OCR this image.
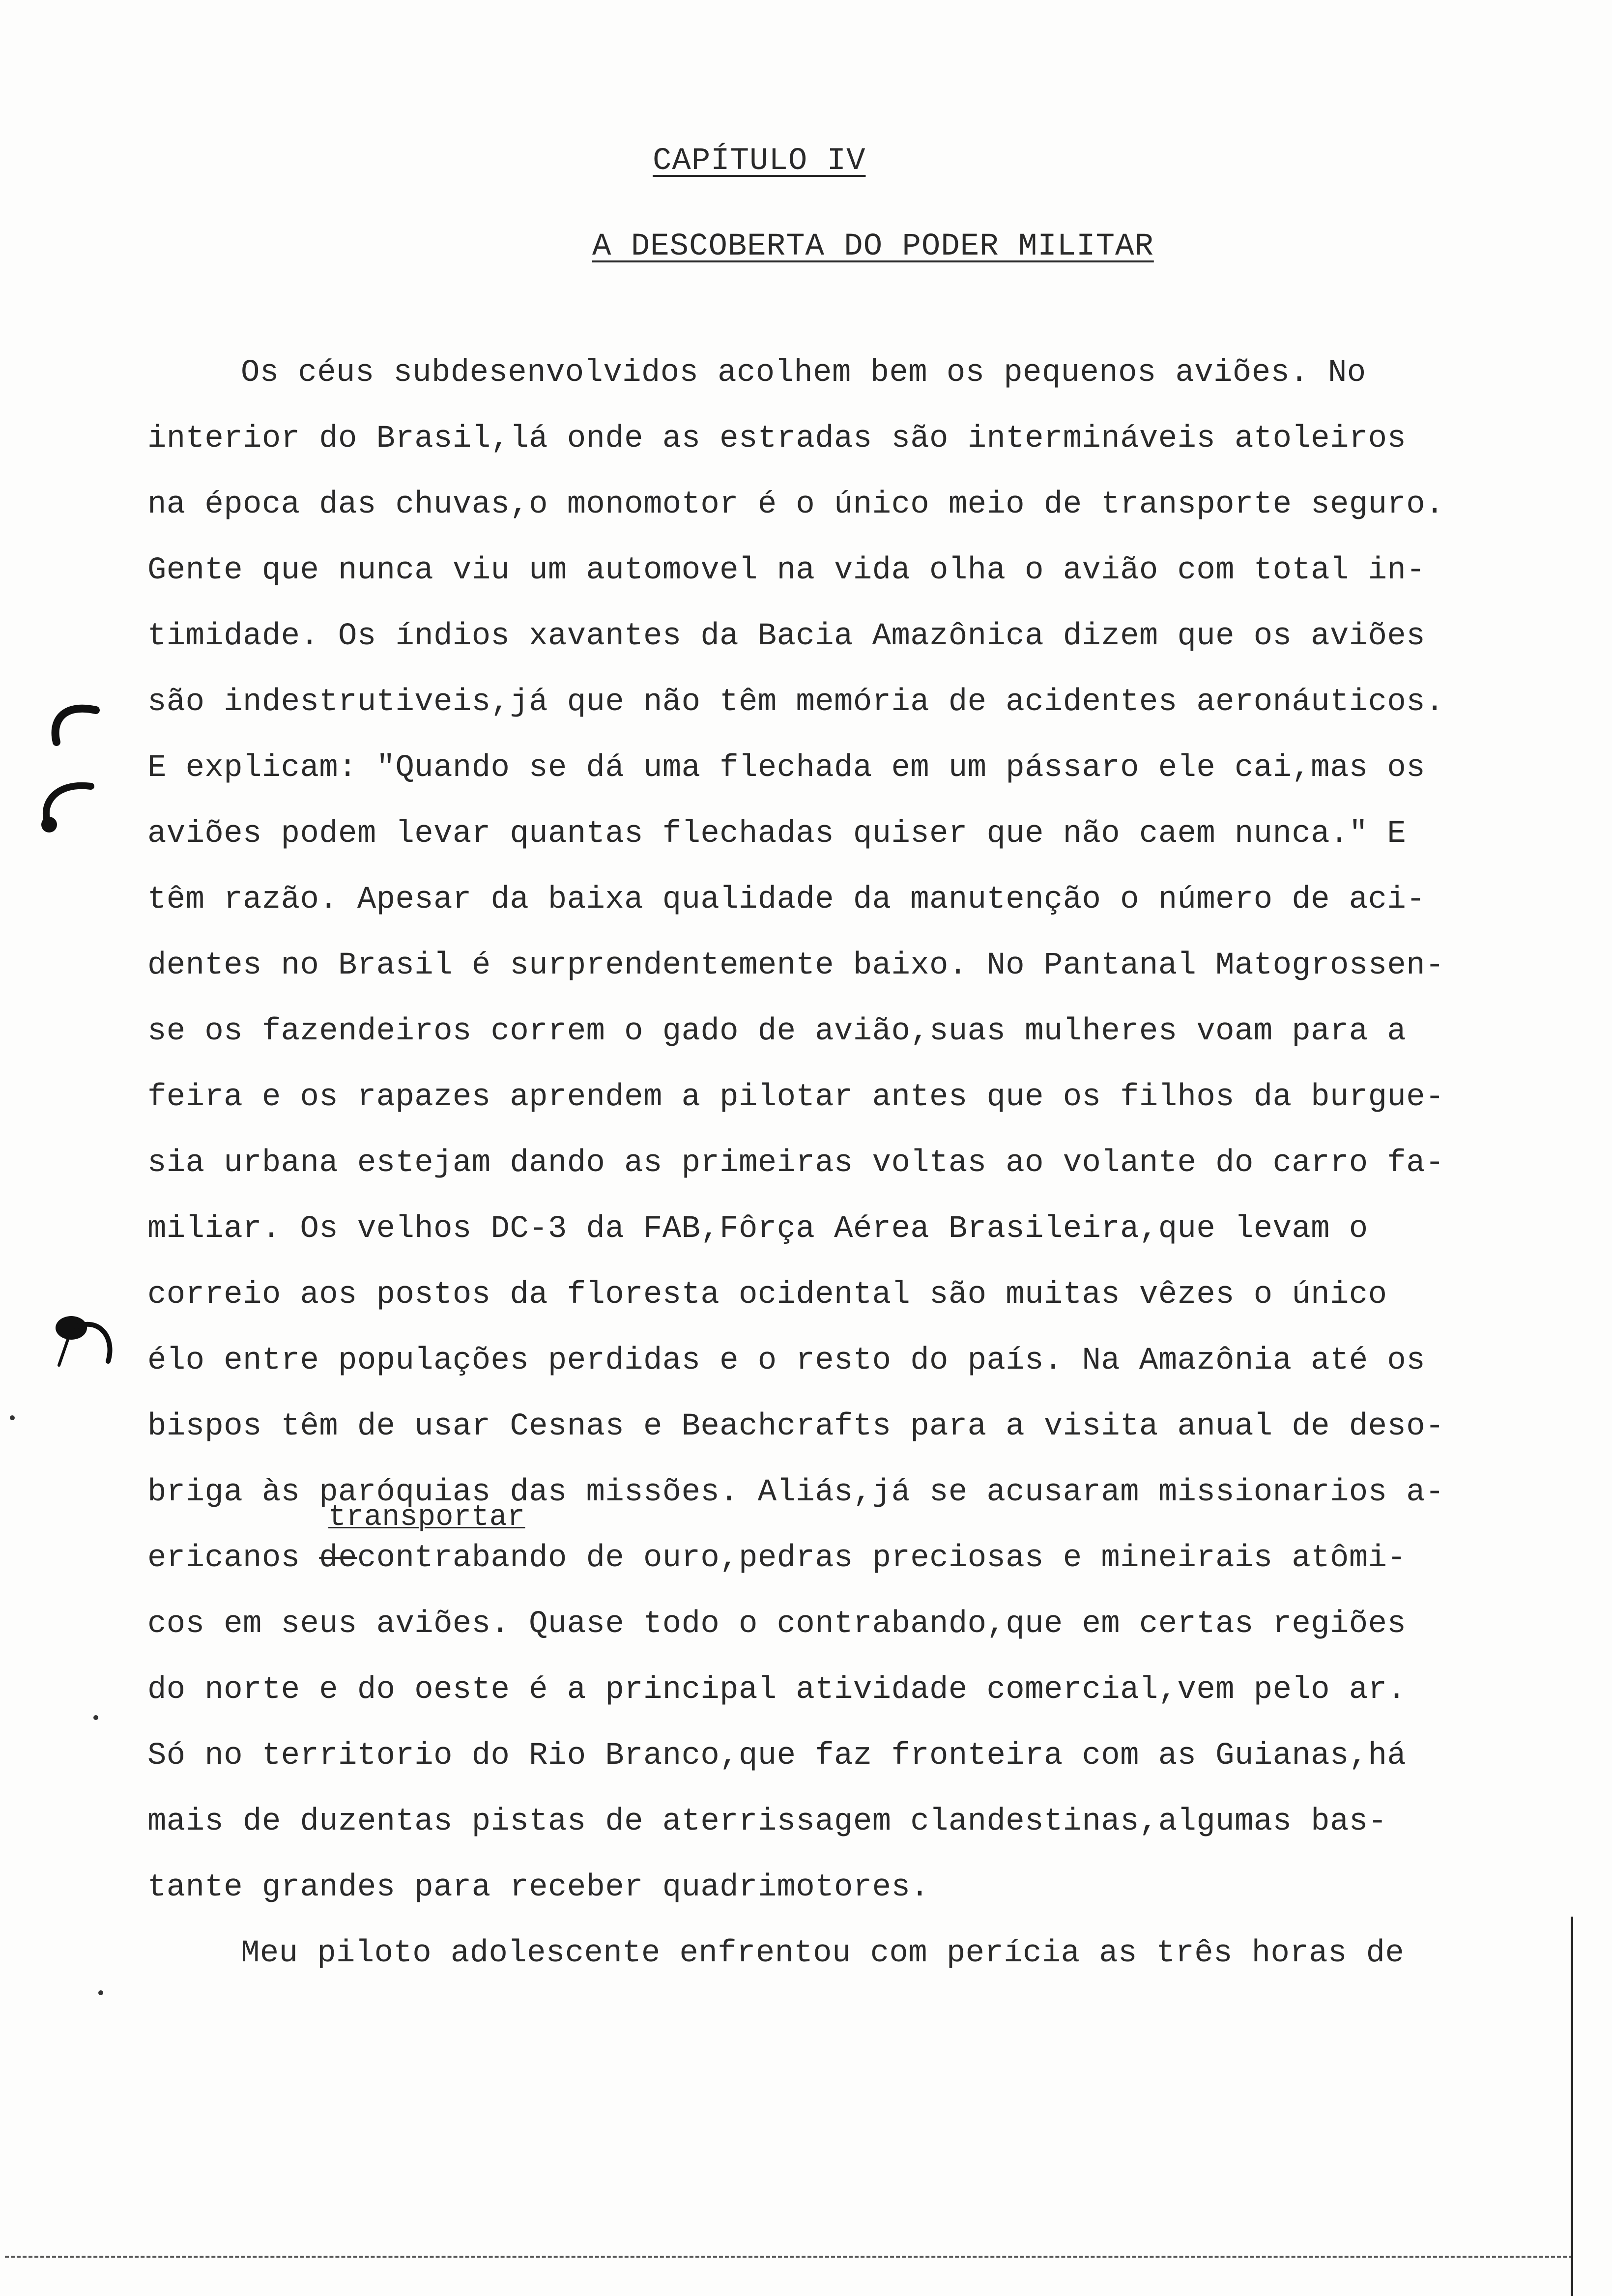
CAPÍTULO IV
A DESCOBERTA DO PODER MILITAR
Os céus subdesenvolvidos acolhem bem os pequenos aviões. No
interior do Brasil,lá onde as estradas são intermináveis atoleiros
na época das chuvas,o monomotor é o único meio de transporte seguro.
Gente que nunca viu um automovel na vida olha o avião com total in-
timidade. Os índios xavantes da Bacia Amazônica dizem que os aviões
são indestrutiveis,já que não têm memória de acidentes aeronáuticos.
E explicam: "Quando se dá uma flechada em um pássaro ele cai,mas os
aviões podem levar quantas flechadas quiser que não caem nunca." E
têm razão. Apesar da baixa qualidade da manutenção o número de aci-
dentes no Brasil é surprendentemente baixo. No Pantanal Matogrossen-
se os fazendeiros correm o gado de avião,suas mulheres voam para a
feira e os rapazes aprendem a pilotar antes que os filhos da burgue-
sia urbana estejam dando as primeiras voltas ao volante do carro fa-
miliar. Os velhos DC-3 da FAB,Fôrça Aérea Brasileira,que levam o
correio aos postos da floresta ocidental são muitas vêzes o único
élo entre populações perdidas e o resto do país. Na Amazônia até os
bispos têm de usar Cesnas e Beachcrafts para a visita anual de deso-
briga às paróquias das missões. Aliás,já se acusaram missionarios a-
transportar
ericanos decontrabando de ouro,pedras preciosas e mineirais atômi-
cos em seus aviões. Quase todo o contrabando,que em certas regiões
do norte e do oeste é a principal atividade comercial,vem pelo ar.
Só no territorio do Rio Branco,que faz fronteira com as Guianas,há
mais de duzentas pistas de aterrissagem clandestinas,algumas bas-
tante grandes para receber quadrimotores.
Meu piloto adolescente enfrentou com perícia as três horas de
